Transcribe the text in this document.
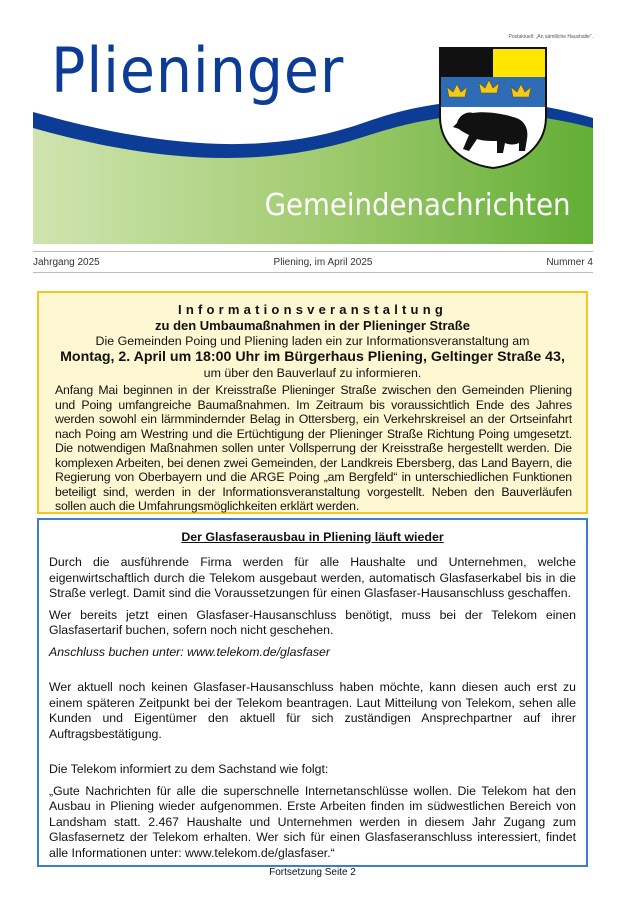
Postaktuell: „An sämtliche Haushalte“.
Plieninger
Gemeindenachrichten
Jahrgang 2025	Pliening, im April 2025	Nummer 4
Informationsveranstaltung
zu den Umbaumaßnahmen in der Plieninger Straße
Die Gemeinden Poing und Pliening laden ein zur Informationsveranstaltung am
Montag, 2. April um 18:00 Uhr im Bürgerhaus Pliening, Geltinger Straße 43,
um über den Bauverlauf zu informieren.
Anfang Mai beginnen in der Kreisstraße Plieninger Straße zwischen den Gemeinden Pliening und Poing umfangreiche Baumaßnahmen. Im Zeitraum bis voraussichtlich Ende des Jahres werden sowohl ein lärmmindernder Belag in Ottersberg, ein Verkehrskreisel an der Ortseinfahrt nach Poing am Westring und die Ertüchtigung der Plieninger Straße Richtung Poing umgesetzt. Die notwendigen Maßnahmen sollen unter Vollsperrung der Kreisstraße hergestellt werden. Die komplexen Arbeiten, bei denen zwei Gemeinden, der Landkreis Ebersberg, das Land Bayern, die Regierung von Oberbayern und die ARGE Poing „am Bergfeld“ in unterschiedlichen Funktionen beteiligt sind, werden in der Informationsveranstaltung vorgestellt. Neben den Bauverläufen sollen auch die Umfahrungsmöglichkeiten erklärt werden.
Der Glasfaserausbau in Pliening läuft wieder

Durch die ausführende Firma werden für alle Haushalte und Unternehmen, welche eigenwirtschaftlich durch die Telekom ausgebaut werden, automatisch Glasfaserkabel bis in die Straße verlegt. Damit sind die Voraussetzungen für einen Glasfaser-Hausanschluss geschaffen.

Wer bereits jetzt einen Glasfaser-Hausanschluss benötigt, muss bei der Telekom einen Glasfasertarif buchen, sofern noch nicht geschehen.

Anschluss buchen unter: www.telekom.de/glasfaser

Wer aktuell noch keinen Glasfaser-Hausanschluss haben möchte, kann diesen auch erst zu einem späteren Zeitpunkt bei der Telekom beantragen. Laut Mitteilung von Telekom, sehen alle Kunden und Eigentümer den aktuell für sich zuständigen Ansprechpartner auf ihrer Auftragsbestätigung.

Die Telekom informiert zu dem Sachstand wie folgt:

„Gute Nachrichten für alle die superschnelle Internetanschlüsse wollen. Die Telekom hat den Ausbau in Pliening wieder aufgenommen. Erste Arbeiten finden im südwestlichen Bereich von Landsham statt. 2.467 Haushalte und Unternehmen werden in diesem Jahr Zugang zum Glasfasernetz der Telekom erhalten. Wer sich für einen Glasfaseranschluss interessiert, findet alle Informationen unter: www.telekom.de/glasfaser.“

Fortsetzung Seite 2
